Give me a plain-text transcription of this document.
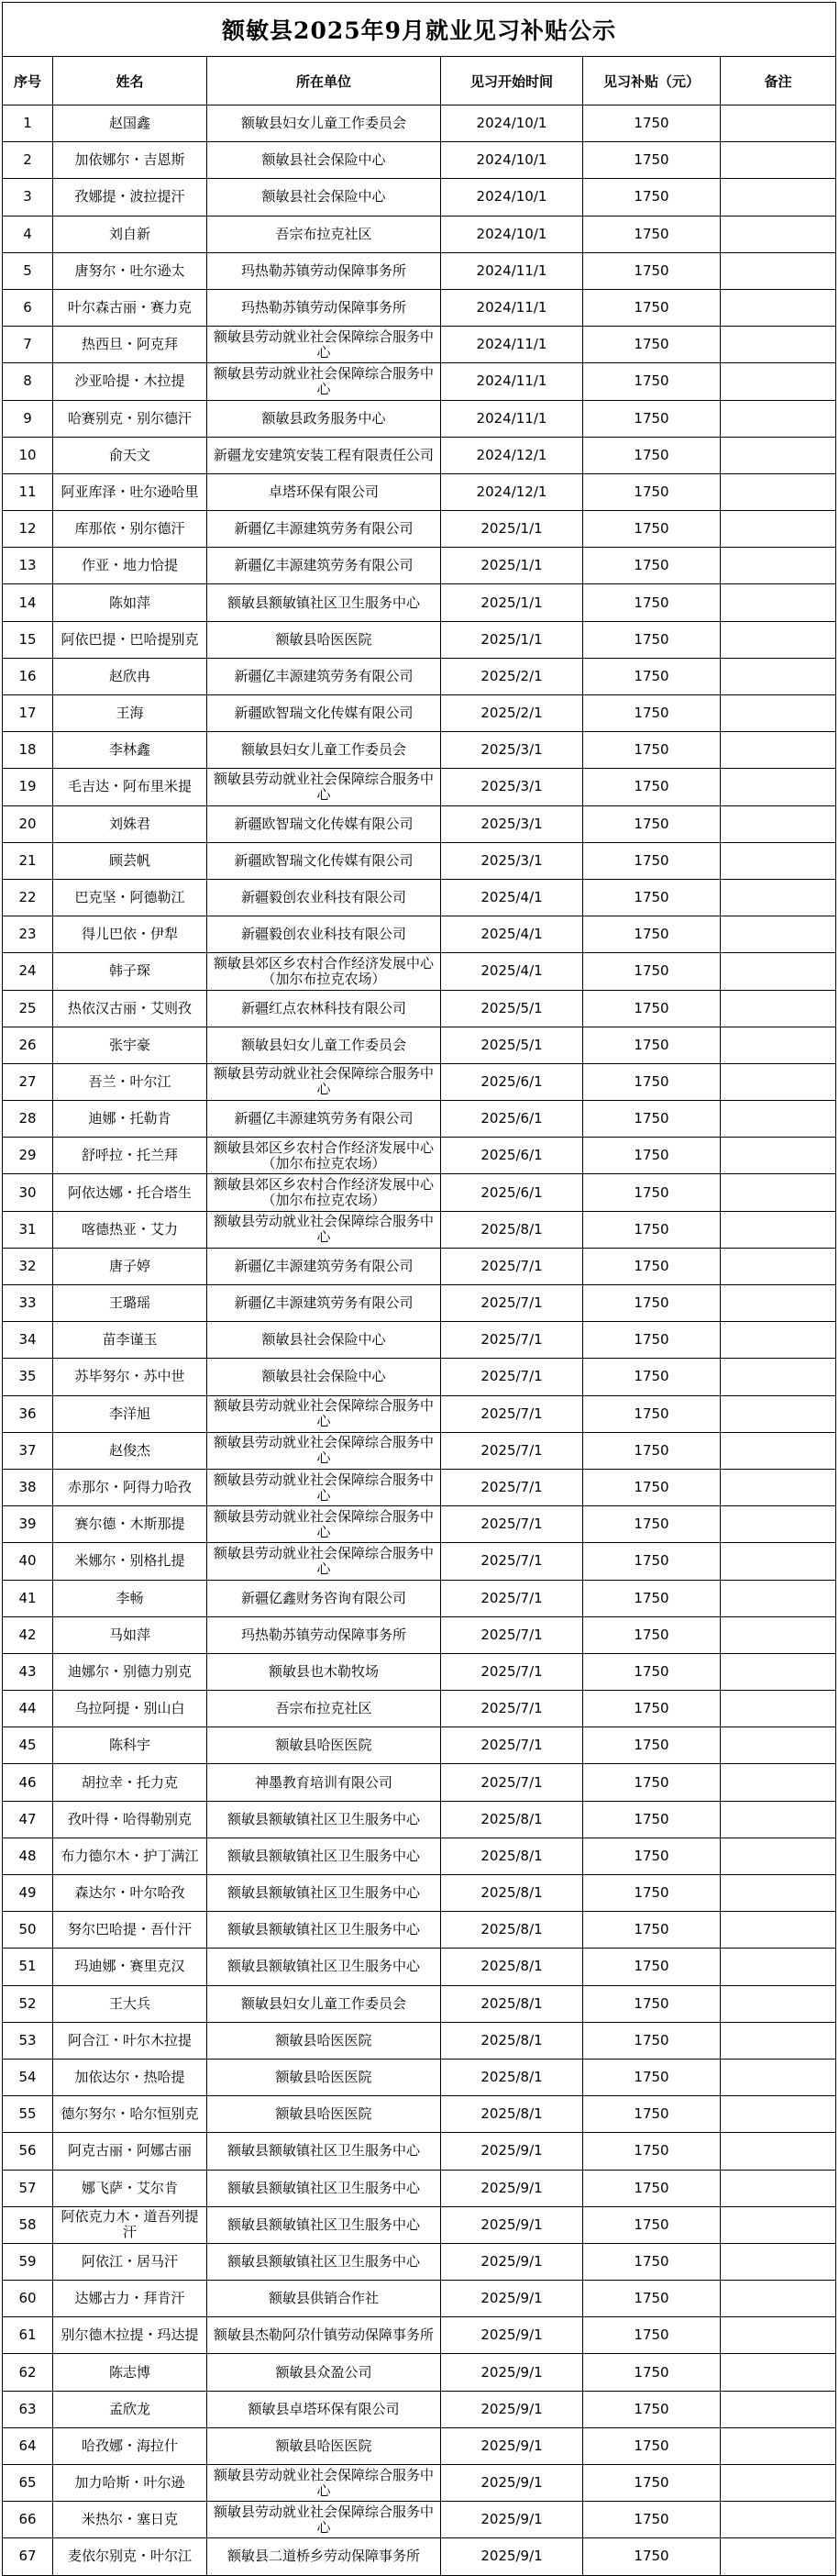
额敏县2025年9月就业见习补贴公示					
序号	姓名	所在单位	见习开始时间	见习补贴（元）	备注
1	赵国鑫	额敏县妇女儿童工作委员会	2024/10/1	1750	
2	加依娜尔・吉恩斯	额敏县社会保险中心	2024/10/1	1750	
3	孜娜提・波拉提汗	额敏县社会保险中心	2024/10/1	1750	
4	刘自新	吾宗布拉克社区	2024/10/1	1750	
5	唐努尔・吐尔逊太	玛热勒苏镇劳动保障事务所	2024/11/1	1750	
6	叶尔森古丽・赛力克	玛热勒苏镇劳动保障事务所	2024/11/1	1750	
7	热西旦・阿克拜	额敏县劳动就业社会保障综合服务中心	2024/11/1	1750	
8	沙亚哈提・木拉提	额敏县劳动就业社会保障综合服务中心	2024/11/1	1750	
9	哈赛别克・别尔德汗	额敏县政务服务中心	2024/11/1	1750	
10	俞天文	新疆龙安建筑安装工程有限责任公司	2024/12/1	1750	
11	阿亚库泽・吐尔逊哈里	卓塔环保有限公司	2024/12/1	1750	
12	库那依・别尔德汗	新疆亿丰源建筑劳务有限公司	2025/1/1	1750	
13	作亚・地力恰提	新疆亿丰源建筑劳务有限公司	2025/1/1	1750	
14	陈如萍	额敏县额敏镇社区卫生服务中心	2025/1/1	1750	
15	阿依巴提・巴哈提别克	额敏县哈医医院	2025/1/1	1750	
16	赵欣冉	新疆亿丰源建筑劳务有限公司	2025/2/1	1750	
17	王海	新疆欧智瑞文化传媒有限公司	2025/2/1	1750	
18	李林鑫	额敏县妇女儿童工作委员会	2025/3/1	1750	
19	毛吉达・阿布里米提	额敏县劳动就业社会保障综合服务中心	2025/3/1	1750	
20	刘姝君	新疆欧智瑞文化传媒有限公司	2025/3/1	1750	
21	顾芸帆	新疆欧智瑞文化传媒有限公司	2025/3/1	1750	
22	巴克坚・阿德勒江	新疆毅创农业科技有限公司	2025/4/1	1750	
23	得儿巴依・伊犁	新疆毅创农业科技有限公司	2025/4/1	1750	
24	韩子琛	额敏县郊区乡农村合作经济发展中心（加尔布拉克农场）	2025/4/1	1750	
25	热依汉古丽・艾则孜	新疆红点农林科技有限公司	2025/5/1	1750	
26	张宇豪	额敏县妇女儿童工作委员会	2025/5/1	1750	
27	吾兰・叶尔江	额敏县劳动就业社会保障综合服务中心	2025/6/1	1750	
28	迪娜・托勒肯	新疆亿丰源建筑劳务有限公司	2025/6/1	1750	
29	舒呼拉・托兰拜	额敏县郊区乡农村合作经济发展中心（加尔布拉克农场）	2025/6/1	1750	
30	阿依达娜・托合塔生	额敏县郊区乡农村合作经济发展中心（加尔布拉克农场）	2025/6/1	1750	
31	喀德热亚・艾力	额敏县劳动就业社会保障综合服务中心	2025/8/1	1750	
32	唐子婷	新疆亿丰源建筑劳务有限公司	2025/7/1	1750	
33	王璐瑶	新疆亿丰源建筑劳务有限公司	2025/7/1	1750	
34	苗李谨玉	额敏县社会保险中心	2025/7/1	1750	
35	苏毕努尔・苏中世	额敏县社会保险中心	2025/7/1	1750	
36	李洋旭	额敏县劳动就业社会保障综合服务中心	2025/7/1	1750	
37	赵俊杰	额敏县劳动就业社会保障综合服务中心	2025/7/1	1750	
38	赤那尔・阿得力哈孜	额敏县劳动就业社会保障综合服务中心	2025/7/1	1750	
39	赛尔德・木斯那提	额敏县劳动就业社会保障综合服务中心	2025/7/1	1750	
40	米娜尔・别格扎提	额敏县劳动就业社会保障综合服务中心	2025/7/1	1750	
41	李畅	新疆亿鑫财务咨询有限公司	2025/7/1	1750	
42	马如萍	玛热勒苏镇劳动保障事务所	2025/7/1	1750	
43	迪娜尔・别德力别克	额敏县也木勒牧场	2025/7/1	1750	
44	乌拉阿提・别山白	吾宗布拉克社区	2025/7/1	1750	
45	陈科宇	额敏县哈医医院	2025/7/1	1750	
46	胡拉幸・托力克	神墨教育培训有限公司	2025/7/1	1750	
47	孜叶得・哈得勒别克	额敏县额敏镇社区卫生服务中心	2025/8/1	1750	
48	布力德尔木・护丁满江	额敏县额敏镇社区卫生服务中心	2025/8/1	1750	
49	森达尔・叶尔哈孜	额敏县额敏镇社区卫生服务中心	2025/8/1	1750	
50	努尔巴哈提・吾什汗	额敏县额敏镇社区卫生服务中心	2025/8/1	1750	
51	玛迪娜・赛里克汉	额敏县额敏镇社区卫生服务中心	2025/8/1	1750	
52	王大兵	额敏县妇女儿童工作委员会	2025/8/1	1750	
53	阿合江・叶尔木拉提	额敏县哈医医院	2025/8/1	1750	
54	加依达尔・热哈提	额敏县哈医医院	2025/8/1	1750	
55	德尔努尔・哈尔恒别克	额敏县哈医医院	2025/8/1	1750	
56	阿克古丽・阿娜古丽	额敏县额敏镇社区卫生服务中心	2025/9/1	1750	
57	娜飞萨・艾尔肯	额敏县额敏镇社区卫生服务中心	2025/9/1	1750	
58	阿依克力木・道吾列提汗	额敏县额敏镇社区卫生服务中心	2025/9/1	1750	
59	阿依江・居马汗	额敏县额敏镇社区卫生服务中心	2025/9/1	1750	
60	达娜古力・拜肯汗	额敏县供销合作社	2025/9/1	1750	
61	别尔德木拉提・玛达提	额敏县杰勒阿尕什镇劳动保障事务所	2025/9/1	1750	
62	陈志博	额敏县众盈公司	2025/9/1	1750	
63	孟欣龙	额敏县卓塔环保有限公司	2025/9/1	1750	
64	哈孜娜・海拉什	额敏县哈医医院	2025/9/1	1750	
65	加力哈斯・叶尔逊	额敏县劳动就业社会保障综合服务中心	2025/9/1	1750	
66	米热尔・塞日克	额敏县劳动就业社会保障综合服务中心	2025/9/1	1750	
67	麦依尔别克・叶尔江	额敏县二道桥乡劳动保障事务所	2025/9/1	1750	
